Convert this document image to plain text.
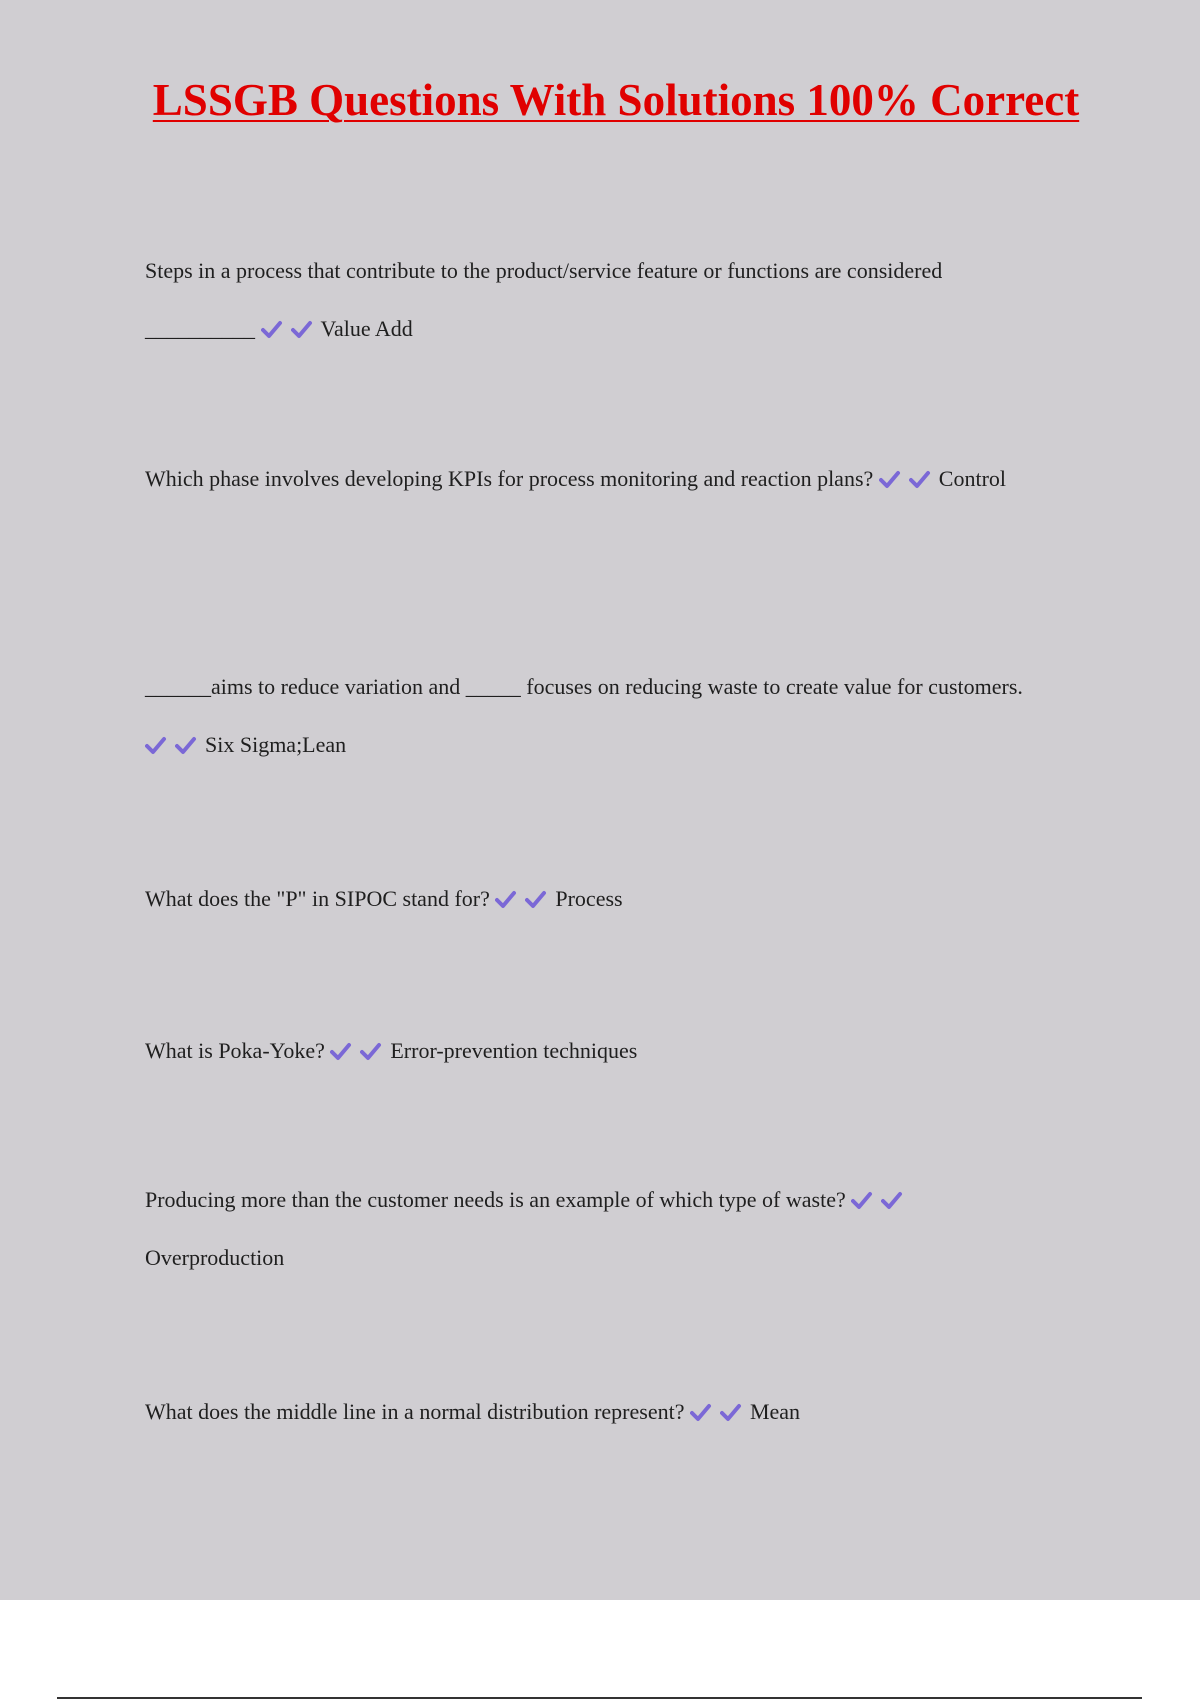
LSSGB Questions With Solutions 100% Correct

Steps in a process that contribute to the product/service feature or functions are considered __________	Value Add

Which phase involves developing KPIs for process monitoring and reaction plans?	Control

______aims to reduce variation and _____ focuses on reducing waste to create value for customers.
Six Sigma;Lean

What does the "P" in SIPOC stand for?	Process

What is Poka-Yoke?	Error-prevention techniques

Producing more than the customer needs is an example of which type of waste?
Overproduction

What does the middle line in a normal distribution represent?	Mean
